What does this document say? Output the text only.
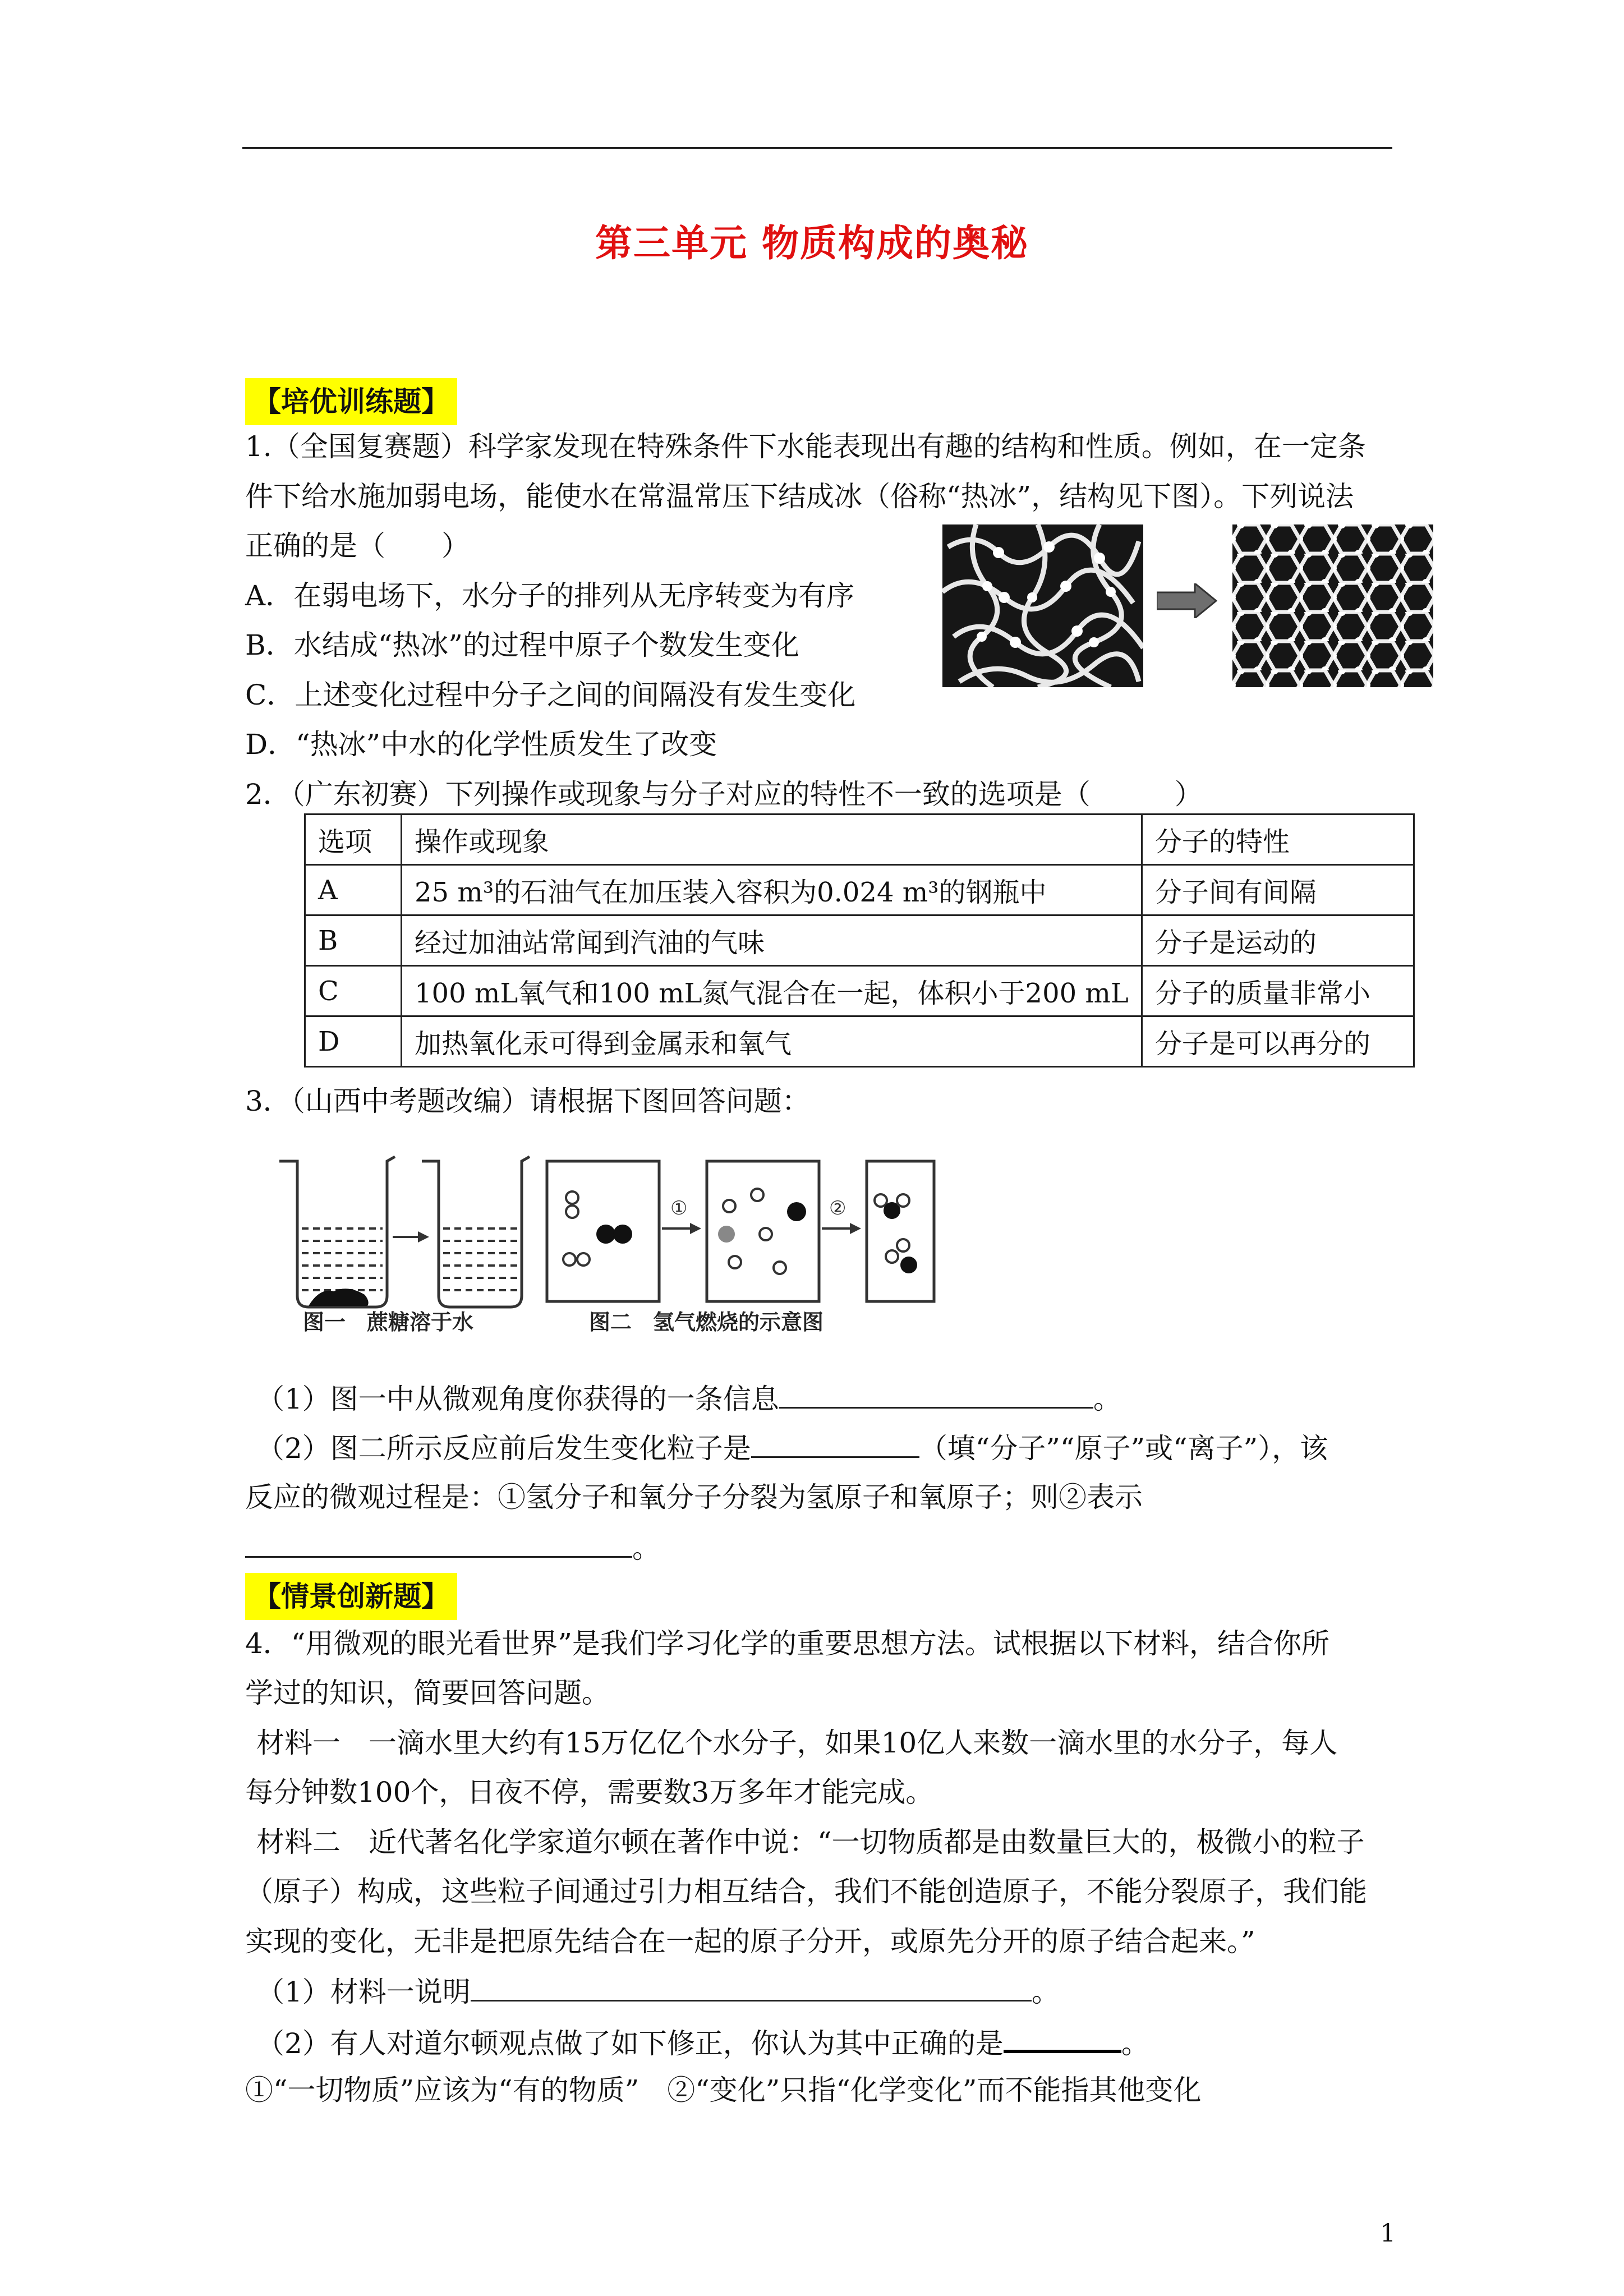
第三单元 物质构成的奥秘
【培优训练题】
1.（全国复赛题）科学家发现在特殊条件下水能表现出有趣的结构和性质。例如，在一定条
件下给水施加弱电场，能使水在常温常压下结成冰（俗称“热冰”，结构见下图）。下列说法
正确的是（　　）
A．在弱电场下，水分子的排列从无序转变为有序
B．水结成“热冰”的过程中原子个数发生变化
C．上述变化过程中分子之间的间隔没有发生变化
D．“热冰”中水的化学性质发生了改变
2．（广东初赛）下列操作或现象与分子对应的特性不一致的选项是（　　　）
选项	操作或现象	分子的特性
A	25 m³的石油气在加压装入容积为0.024 m³的钢瓶中	分子间有间隔
B	经过加油站常闻到汽油的气味	分子是运动的
C	100 mL氧气和100 mL氮气混合在一起，体积小于200 mL	分子的质量非常小
D	加热氧化汞可得到金属汞和氧气	分子是可以再分的
3．（山西中考题改编）请根据下图回答问题：
①	②
图一　蔗糖溶于水	图二　氢气燃烧的示意图
（1）图一中从微观角度你获得的一条信息	。
（2）图二所示反应前后发生变化粒子是	（填“分子”“原子”或“离子”），该
反应的微观过程是：①氢分子和氧分子分裂为氢原子和氧原子；则②表示
。
【情景创新题】
4．“用微观的眼光看世界”是我们学习化学的重要思想方法。试根据以下材料，结合你所
学过的知识，简要回答问题。
材料一　一滴水里大约有15万亿亿个水分子，如果10亿人来数一滴水里的水分子，每人
每分钟数100个，日夜不停，需要数3万多年才能完成。
材料二　近代著名化学家道尔顿在著作中说：“一切物质都是由数量巨大的，极微小的粒子
（原子）构成，这些粒子间通过引力相互结合，我们不能创造原子，不能分裂原子，我们能
实现的变化，无非是把原先结合在一起的原子分开，或原先分开的原子结合起来。”
（1）材料一说明	。
（2）有人对道尔顿观点做了如下修正，你认为其中正确的是	。
①“一切物质”应该为“有的物质”　②“变化”只指“化学变化”而不能指其他变化
1
